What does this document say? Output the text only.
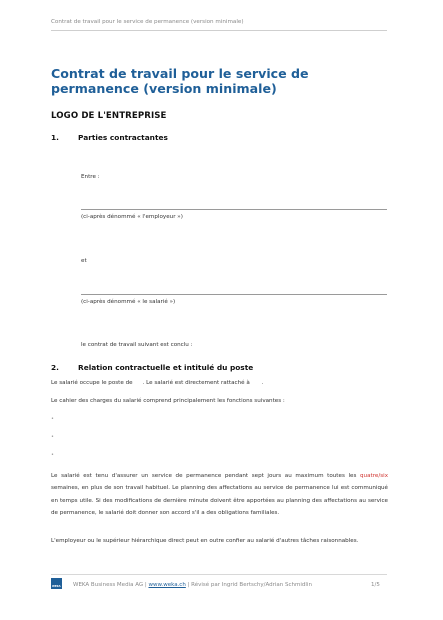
Contrat de travail pour le service de permanence (version minimale)
Contrat de travail pour le service de permanence (version minimale)
LOGO DE L'ENTREPRISE
1.	Parties contractantes
Entre :
(ci-après dénommé « l'employeur »)
et
(ci-après dénommé « le salarié »)
le contrat de travail suivant est conclu :
2.	Relation contractuelle et intitulé du poste
Le salarié occupe le poste de . Le salarié est directement rattaché à .
Le cahier des charges du salarié comprend principalement les fonctions suivantes :
•
•
•
Le salarié est tenu d'assurer un service de permanence pendant sept jours au maximum toutes les quatre/six semaines, en plus de son travail habituel. Le planning des affectations au service de permanence lui est communiqué en temps utile. Si des modifications de dernière minute doivent être apportées au planning des affectations au service de permanence, le salarié doit donner son accord s'il a des obligations familiales.
L'employeur ou le supérieur hiérarchique direct peut en outre confier au salarié d'autres tâches raisonnables.
WEKA WEKA Business Media AG | www.weka.ch | Révisé par Ingrid Bertschy/Adrian Schmidlin	1/5
